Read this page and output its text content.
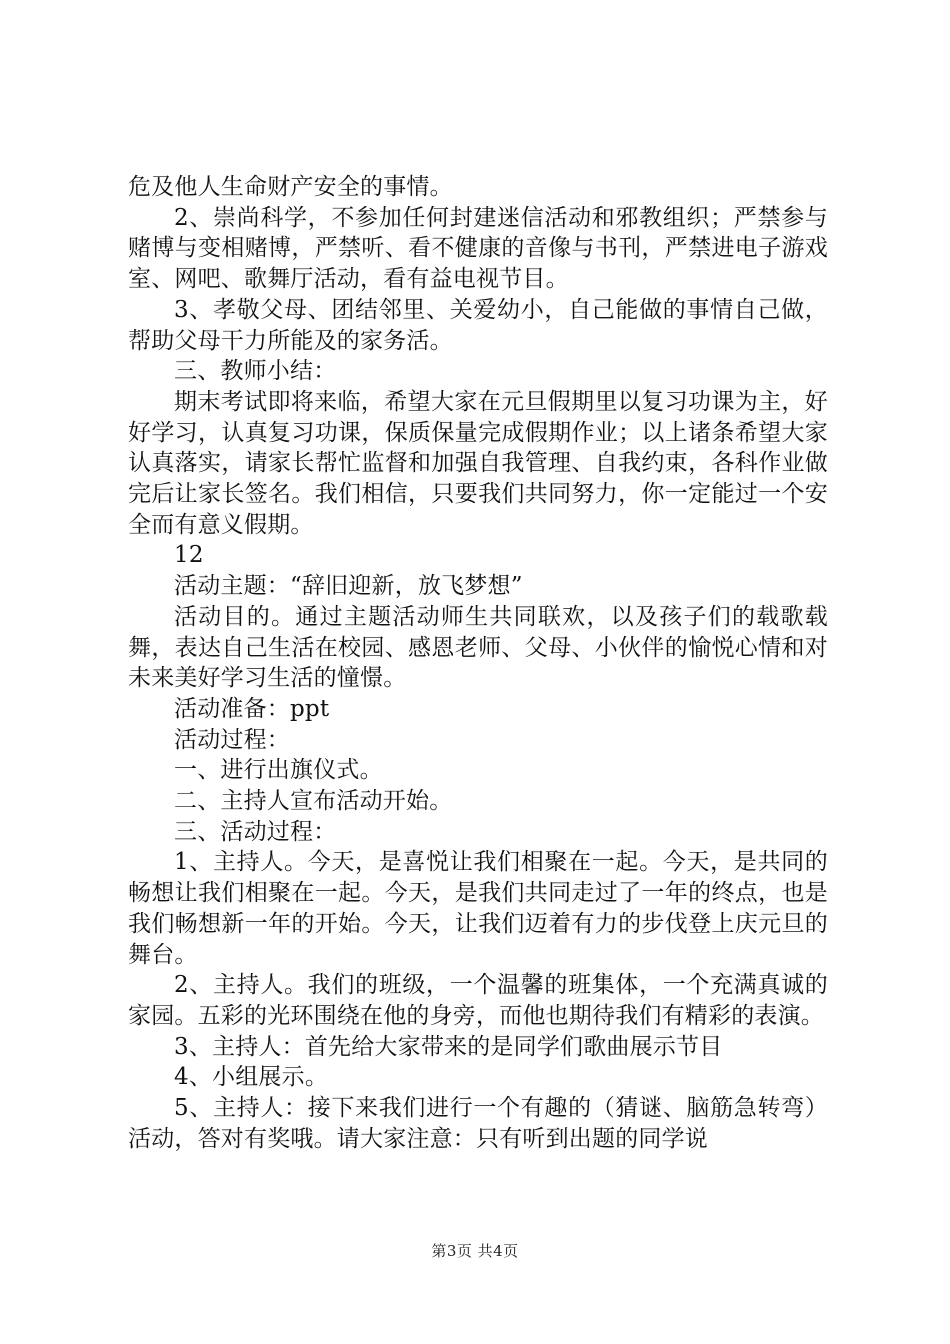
危及他人生命财产安全的事情。

2、崇尚科学，不参加任何封建迷信活动和邪教组织；严禁参与赌博与变相赌博，严禁听、看不健康的音像与书刊，严禁进电子游戏室、网吧、歌舞厅活动，看有益电视节目。

3、孝敬父母、团结邻里、关爱幼小，自己能做的事情自己做，帮助父母干力所能及的家务活。

三、教师小结：

期末考试即将来临，希望大家在元旦假期里以复习功课为主，好好学习，认真复习功课，保质保量完成假期作业；以上诸条希望大家认真落实，请家长帮忙监督和加强自我管理、自我约束，各科作业做完后让家长签名。我们相信，只要我们共同努力，你一定能过一个安全而有意义假期。

12

活动主题：“辞旧迎新，放飞梦想”

活动目的。通过主题活动师生共同联欢，以及孩子们的载歌载舞，表达自己生活在校园、感恩老师、父母、小伙伴的愉悦心情和对未来美好学习生活的憧憬。

活动准备：ppt

活动过程：

一、进行出旗仪式。

二、主持人宣布活动开始。

三、活动过程：

1、主持人。今天，是喜悦让我们相聚在一起。今天，是共同的畅想让我们相聚在一起。今天，是我们共同走过了一年的终点，也是我们畅想新一年的开始。今天，让我们迈着有力的步伐登上庆元旦的舞台。

2、主持人。我们的班级，一个温馨的班集体，一个充满真诚的家园。五彩的光环围绕在他的身旁，而他也期待我们有精彩的表演。

3、主持人：首先给大家带来的是同学们歌曲展示节目

4、小组展示。

5、主持人：接下来我们进行一个有趣的（猜谜、脑筋急转弯）活动，答对有奖哦。请大家注意：只有听到出题的同学说

第3页 共4页
